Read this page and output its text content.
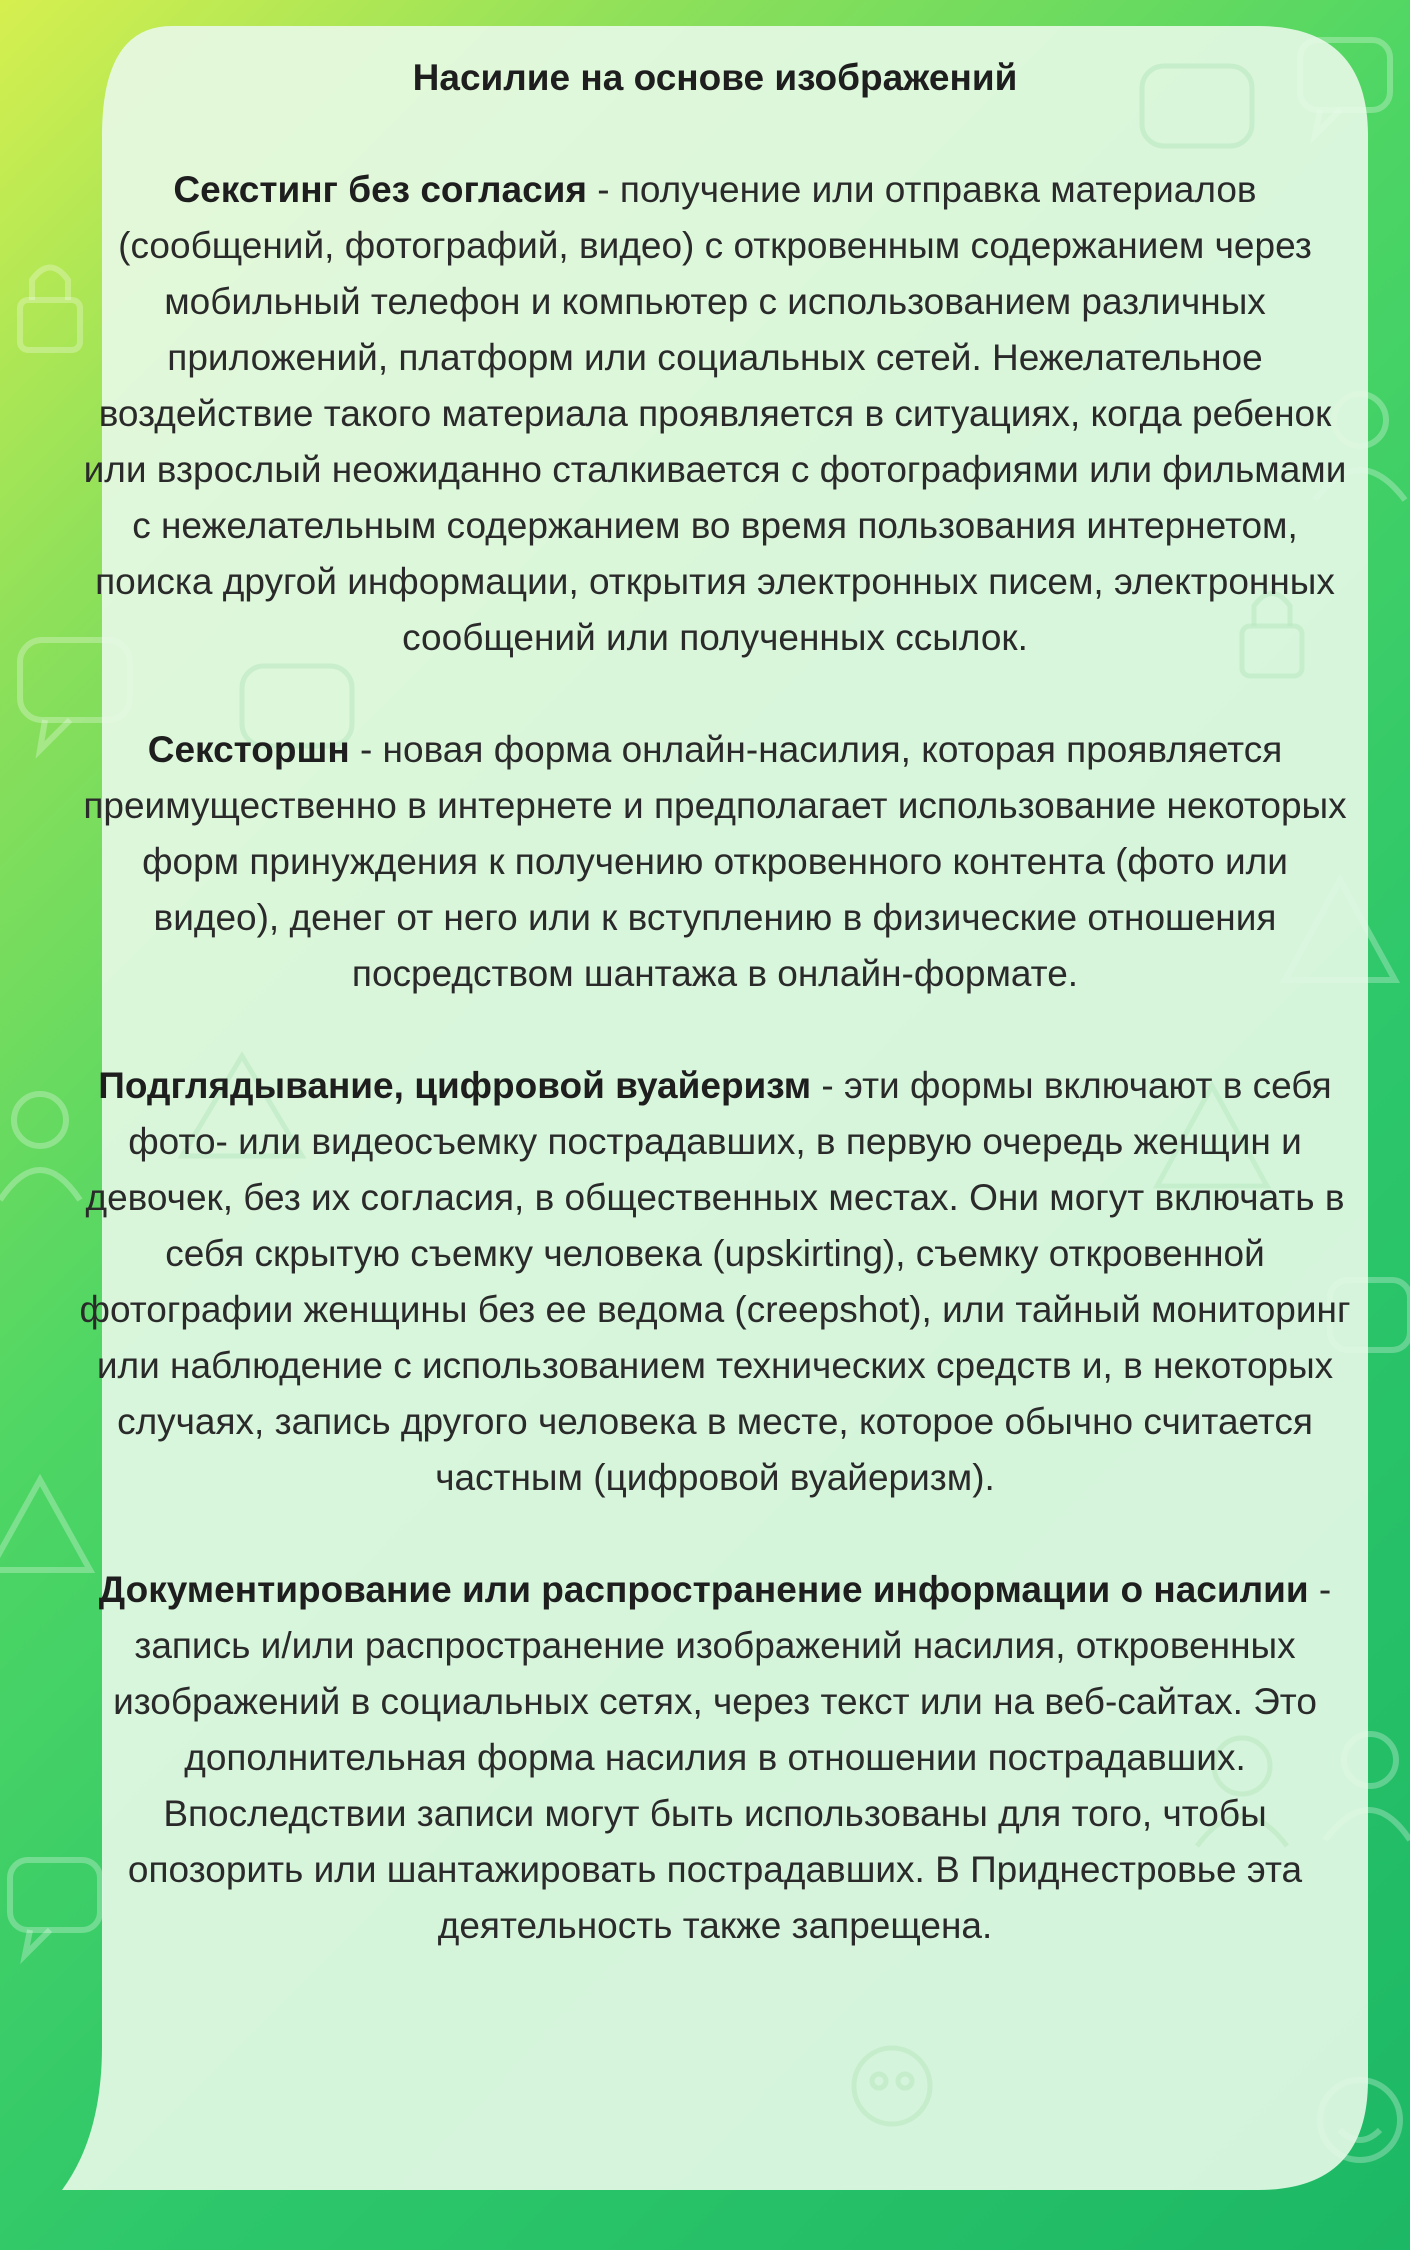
Насилие на основе изображений
Секстинг без согласия - получение или отправка материалов (сообщений, фотографий, видео) с откровенным содержанием через мобильный телефон и компьютер с использованием различных приложений, платформ или социальных сетей. Нежелательное воздействие такого материала проявляется в ситуациях, когда ребенок или взрослый неожиданно сталкивается с фотографиями или фильмами с нежелательным содержанием во время пользования интернетом, поиска другой информации, открытия электронных писем, электронных сообщений или полученных ссылок.
Сексторшн - новая форма онлайн-насилия, которая проявляется преимущественно в интернете и предполагает использование некоторых форм принуждения к получению откровенного контента (фото или видео), денег от него или к вступлению в физические отношения посредством шантажа в онлайн-формате.
Подглядывание, цифровой вуайеризм - эти формы включают в себя фото- или видеосъемку пострадавших, в первую очередь женщин и девочек, без их согласия, в общественных местах. Они могут включать в себя скрытую съемку человека (upskirting), съемку откровенной фотографии женщины без ее ведома (creepshot), или тайный мониторинг или наблюдение с использованием технических средств и, в некоторых случаях, запись другого человека в месте, которое обычно считается частным (цифровой вуайеризм).
Документирование или распространение информации о насилии - запись и/или распространение изображений насилия, откровенных изображений в социальных сетях, через текст или на веб-сайтах. Это дополнительная форма насилия в отношении пострадавших. Впоследствии записи могут быть использованы для того, чтобы опозорить или шантажировать пострадавших. В Приднестровье эта деятельность также запрещена.
